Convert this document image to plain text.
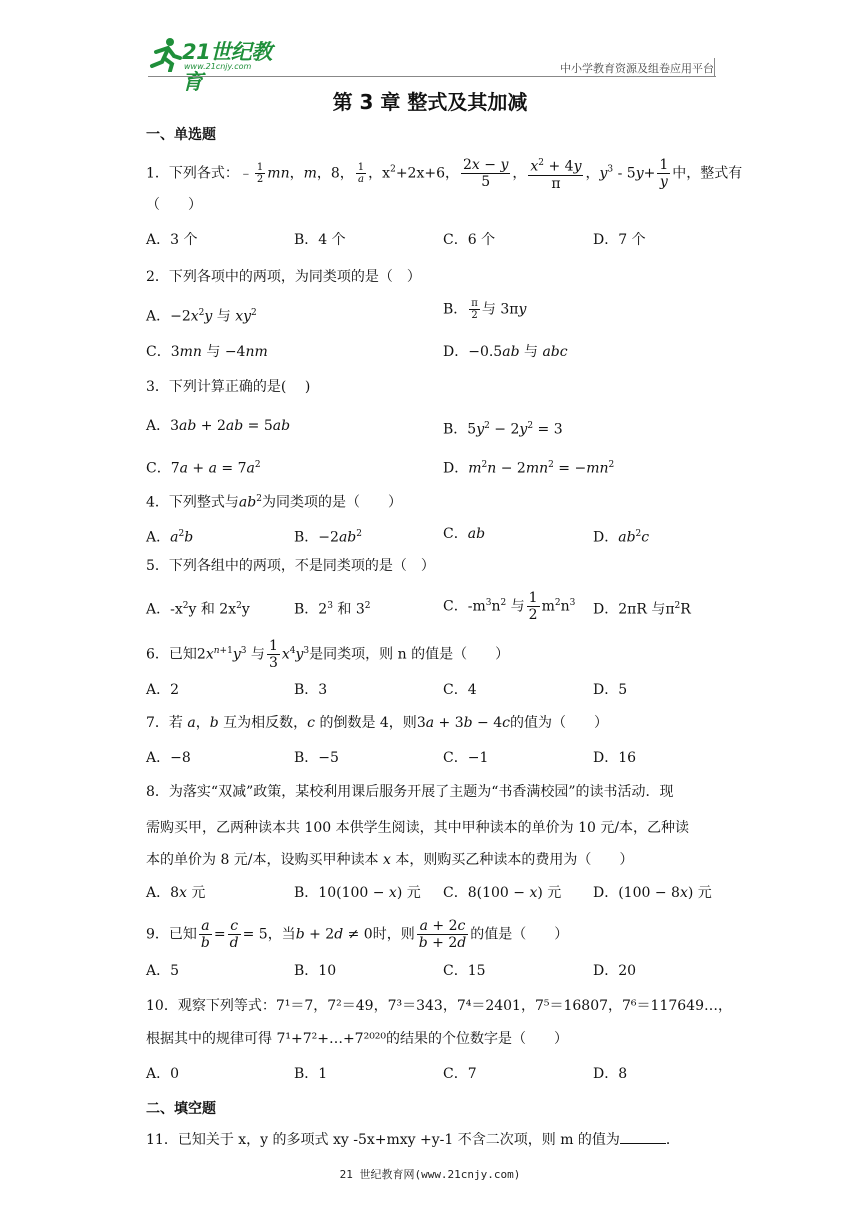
21世纪教育
www.21cnjy.com	中小学教育资源及组卷应用平台
第 3 章 整式及其加减
一、单选题
1．下列各式：﹣ $\frac{1}{2}$ mn，m，8， $\frac{1}{a}$ ，$x^2+2x+6$， $\frac{2x - y}{5}$ ， $\frac{x^2 + 4y}{\pi}$ ，$y^3 - 5y+ \frac{1}{y}$ 中，整式有
（　　）
A．3 个	B．4 个	C．6 个	D．7 个
2．下列各项中的两项，为同类项的是（　）
A．$-2x^2y$ 与 $xy^2$	B． $\frac{\pi}{2}$ 与 3πy
C．3mn 与 −4nm	D．−0.5ab 与 abc
3．下列计算正确的是(　 )
A．3ab + 2ab = 5ab	B．$5y^2 - 2y^2 = 3$
C．$7a + a = 7a^2$	D．$m^2n - 2mn^2 = -mn^2$
4．下列整式与$ab^2$为同类项的是（　　）
A．$a^2b$	B．$-2ab^2$	C．ab	D．$ab^2c$
5．下列各组中的两项，不是同类项的是（　）
A．$-x^2y$ 和 $2x^2y$	B．$2^3$ 和 $3^2$	C．$-m^3n^2$ 与 $\frac{1}{2} m^2n^3$ D．2πR 与$\pi^2R$
6．已知$2x^{n+1}y^3$ 与 $\frac{1}{3} x^4y^3$是同类项，则 n 的值是（　　）
A．2	B．3	C．4	D．5
7．若 a，b 互为相反数，c 的倒数是 4，则3a + 3b − 4c的值为（　　）
A．−8	B．−5	C．−1	D．16
8．为落实“双减”政策，某校利用课后服务开展了主题为“书香满校园”的读书活动．现
需购买甲，乙两种读本共 100 本供学生阅读，其中甲种读本的单价为 10 元/本，乙种读
本的单价为 8 元/本，设购买甲种读本 x 本，则购买乙种读本的费用为（　　）
A．8x 元	B．10(100 − x) 元 C．8(100 − x) 元 D．(100 − 8x) 元
9．已知 $\frac{a}{b} = \frac{c}{d} = 5$，当b + 2d ≠ 0时，则 $\frac{a + 2c}{b + 2d}$ 的值是（　　）
A．5	B．10	C．15	D．20
10．观察下列等式：7¹＝7，7²＝49，7³＝343，7⁴＝2401，7⁵＝16807，7⁶＝117649…，
根据其中的规律可得 7¹+7²+…+7²⁰²⁰的结果的个位数字是（　　）
A．0	B．1	C．7	D．8
二、填空题
11．已知关于 x，y 的多项式 xy -5x+mxy +y-1 不含二次项，则 m 的值为	．
21 世纪教育网(www.21cnjy.com)
